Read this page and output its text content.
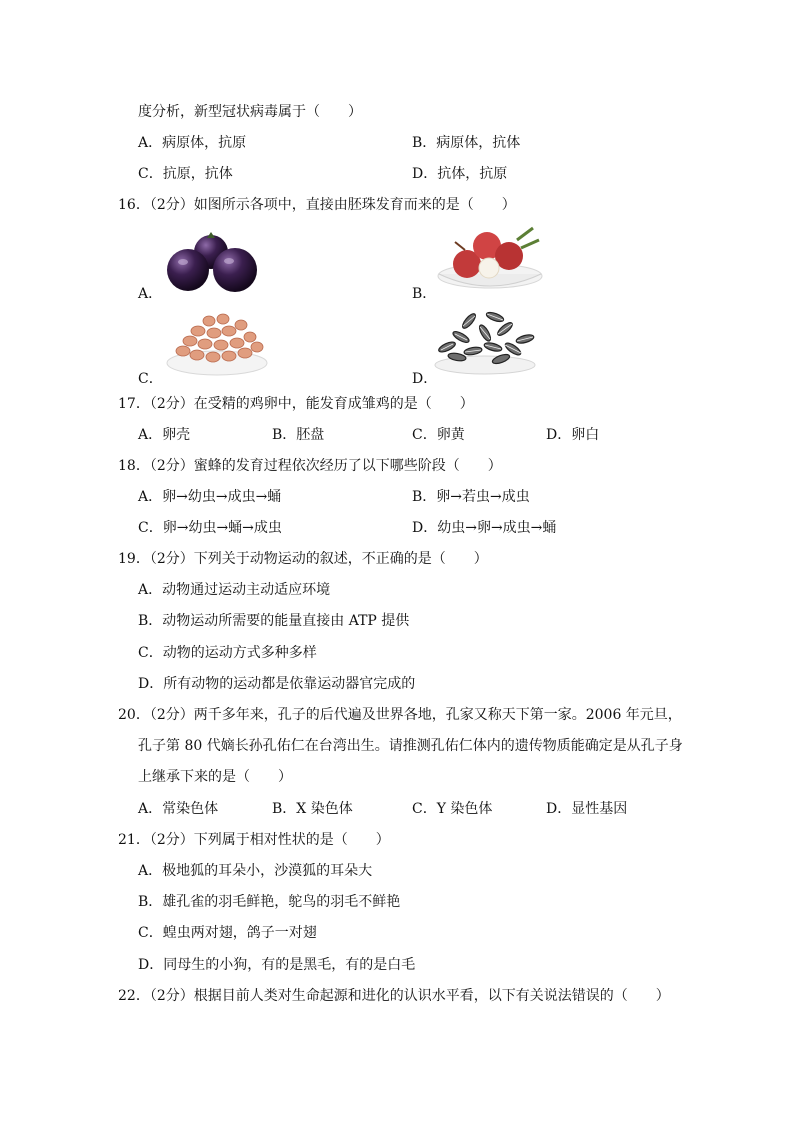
度分析，新型冠状病毒属于（　　）
A．病原体，抗原	B．病原体，抗体
C．抗原，抗体	D．抗体，抗原
16．（2分）如图所示各项中，直接由胚珠发育而来的是（　　）
A．	B．
C．	D．
17．（2分）在受精的鸡卵中，能发育成雏鸡的是（　　）
A．卵壳	B．胚盘	C．卵黄	D．卵白
18．（2分）蜜蜂的发育过程依次经历了以下哪些阶段（　　）
A．卵→幼虫→成虫→蛹	B．卵→若虫→成虫
C．卵→幼虫→蛹→成虫	D．幼虫→卵→成虫→蛹
19．（2分）下列关于动物运动的叙述，不正确的是（　　）
A．动物通过运动主动适应环境
B．动物运动所需要的能量直接由 ATP 提供
C．动物的运动方式多种多样
D．所有动物的运动都是依靠运动器官完成的
20．（2分）两千多年来，孔子的后代遍及世界各地，孔家又称天下第一家。2006 年元旦，
孔子第 80 代嫡长孙孔佑仁在台湾出生。请推测孔佑仁体内的遗传物质能确定是从孔子身
上继承下来的是（　　）
A．常染色体	B．X 染色体	C．Y 染色体	D．显性基因
21．（2分）下列属于相对性状的是（　　）
A．极地狐的耳朵小，沙漠狐的耳朵大
B．雄孔雀的羽毛鲜艳，鸵鸟的羽毛不鲜艳
C．蝗虫两对翅，鸽子一对翅
D．同母生的小狗，有的是黑毛，有的是白毛
22．（2分）根据目前人类对生命起源和进化的认识水平看，以下有关说法错误的（　　）
